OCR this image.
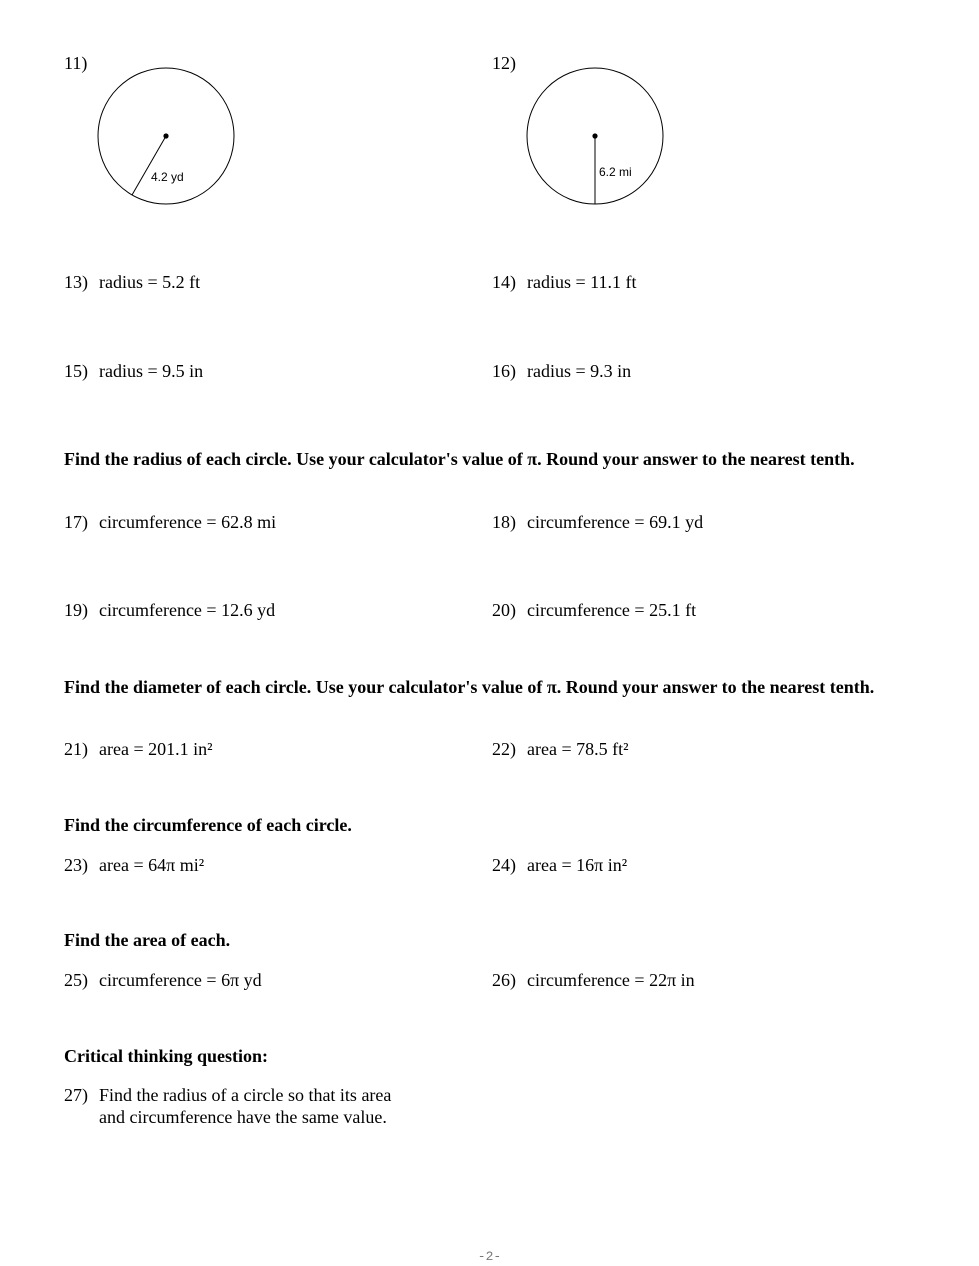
11)
4.2 yd
12)
6.2 mi
13) radius = 5.2 ft	14) radius = 11.1 ft
15) radius = 9.5 in	16) radius = 9.3 in
Find the radius of each circle. Use your calculator's value of π. Round your answer to the nearest tenth.
17) circumference = 62.8 mi	18) circumference = 69.1 yd
19) circumference = 12.6 yd	20) circumference = 25.1 ft
Find the diameter of each circle. Use your calculator's value of π. Round your answer to the nearest tenth.
21) area = 201.1 in²	22) area = 78.5 ft²
Find the circumference of each circle.
23) area = 64π mi²	24) area = 16π in²
Find the area of each.
25) circumference = 6π yd	26) circumference = 22π in
Critical thinking question:
27) Find the radius of a circle so that its area
and circumference have the same value.
-2-
